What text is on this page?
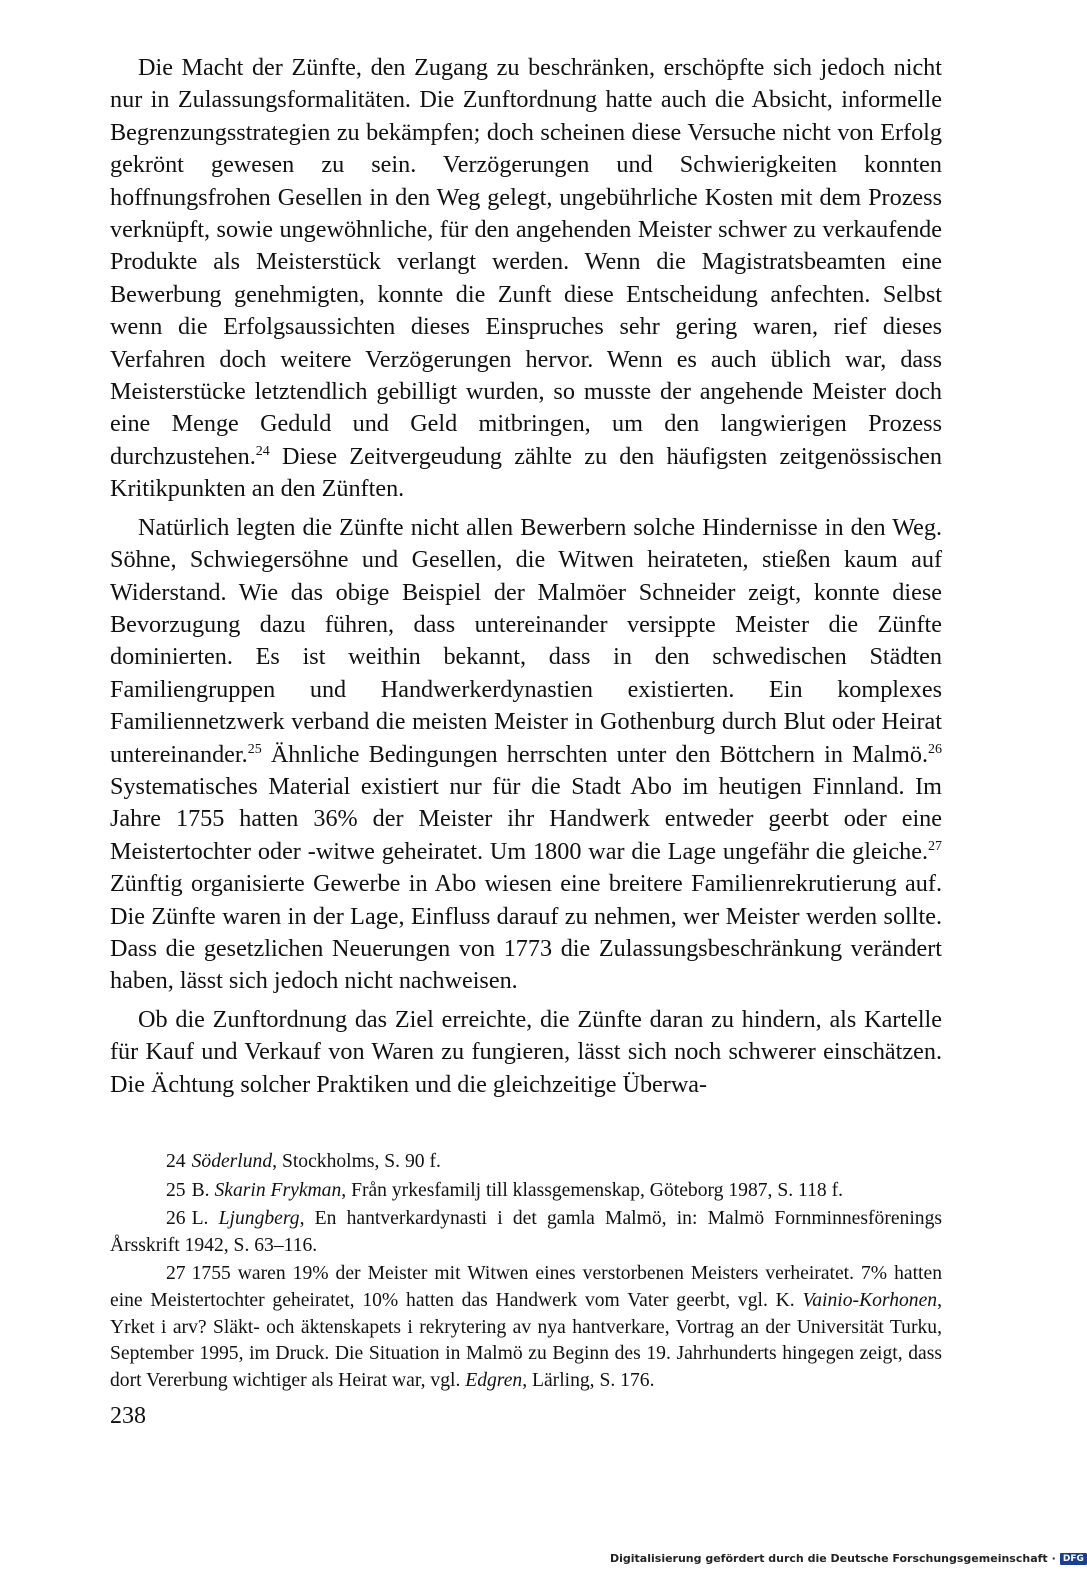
Die Macht der Zünfte, den Zugang zu beschränken, erschöpfte sich jedoch nicht nur in Zulassungsformalitäten. Die Zunftordnung hatte auch die Absicht, informelle Begrenzungsstrategien zu bekämpfen; doch scheinen diese Versuche nicht von Erfolg gekrönt gewesen zu sein. Verzögerungen und Schwierigkeiten konnten hoffnungsfrohen Gesellen in den Weg gelegt, ungebührliche Kosten mit dem Prozess verknüpft, sowie ungewöhnliche, für den angehenden Meister schwer zu verkaufende Produkte als Meisterstück verlangt werden. Wenn die Magistratsbeamten eine Bewerbung genehmigten, konnte die Zunft diese Entscheidung anfechten. Selbst wenn die Erfolgsaussichten dieses Einspruches sehr gering waren, rief dieses Verfahren doch weitere Verzögerungen hervor. Wenn es auch üblich war, dass Meisterstücke letztendlich gebilligt wurden, so musste der angehende Meister doch eine Menge Geduld und Geld mitbringen, um den langwierigen Prozess durchzustehen.$^{24}$ Diese Zeitvergeudung zählte zu den häufigsten zeitgenössischen Kritikpunkten an den Zünften.

Natürlich legten die Zünfte nicht allen Bewerbern solche Hindernisse in den Weg. Söhne, Schwiegersöhne und Gesellen, die Witwen heirateten, stießen kaum auf Widerstand. Wie das obige Beispiel der Malmöer Schneider zeigt, konnte diese Bevorzugung dazu führen, dass untereinander versippte Meister die Zünfte dominierten. Es ist weithin bekannt, dass in den schwedischen Städten Familiengruppen und Handwerkerdynastien existierten. Ein komplexes Familiennetzwerk verband die meisten Meister in Gothenburg durch Blut oder Heirat untereinander.$^{25}$ Ähnliche Bedingungen herrschten unter den Böttchern in Malmö.$^{26}$ Systematisches Material existiert nur für die Stadt Abo im heutigen Finnland. Im Jahre 1755 hatten 36% der Meister ihr Handwerk entweder geerbt oder eine Meistertochter oder -witwe geheiratet. Um 1800 war die Lage ungefähr die gleiche.$^{27}$ Zünftig organisierte Gewerbe in Abo wiesen eine breitere Familienrekrutierung auf. Die Zünfte waren in der Lage, Einfluss darauf zu nehmen, wer Meister werden sollte. Dass die gesetzlichen Neuerungen von 1773 die Zulassungsbeschränkung verändert haben, lässt sich jedoch nicht nachweisen.

Ob die Zunftordnung das Ziel erreichte, die Zünfte daran zu hindern, als Kartelle für Kauf und Verkauf von Waren zu fungieren, lässt sich noch schwerer einschätzen. Die Ächtung solcher Praktiken und die gleichzeitige Überwa-

24 Söderlund, Stockholms, S. 90 f.

25 B. Skarin Frykman, Från yrkesfamilj till klassgemenskap, Göteborg 1987, S. 118 f.

26 L. Ljungberg, En hantverkardynasti i det gamla Malmö, in: Malmö Fornminnesförenings Årsskrift 1942, S. 63–116.

27 1755 waren 19% der Meister mit Witwen eines verstorbenen Meisters verheiratet. 7% hatten eine Meistertochter geheiratet, 10% hatten das Handwerk vom Vater geerbt, vgl. K. Vainio-Korhonen, Yrket i arv? Släkt- och äktenskapets i rekrytering av nya hantverkare, Vortrag an der Universität Turku, September 1995, im Druck. Die Situation in Malmö zu Beginn des 19. Jahrhunderts hingegen zeigt, dass dort Vererbung wichtiger als Heirat war, vgl. Edgren, Lärling, S. 176.

238
Digitalisierung gefördert durch die Deutsche Forschungsgemeinschaft · DFG
